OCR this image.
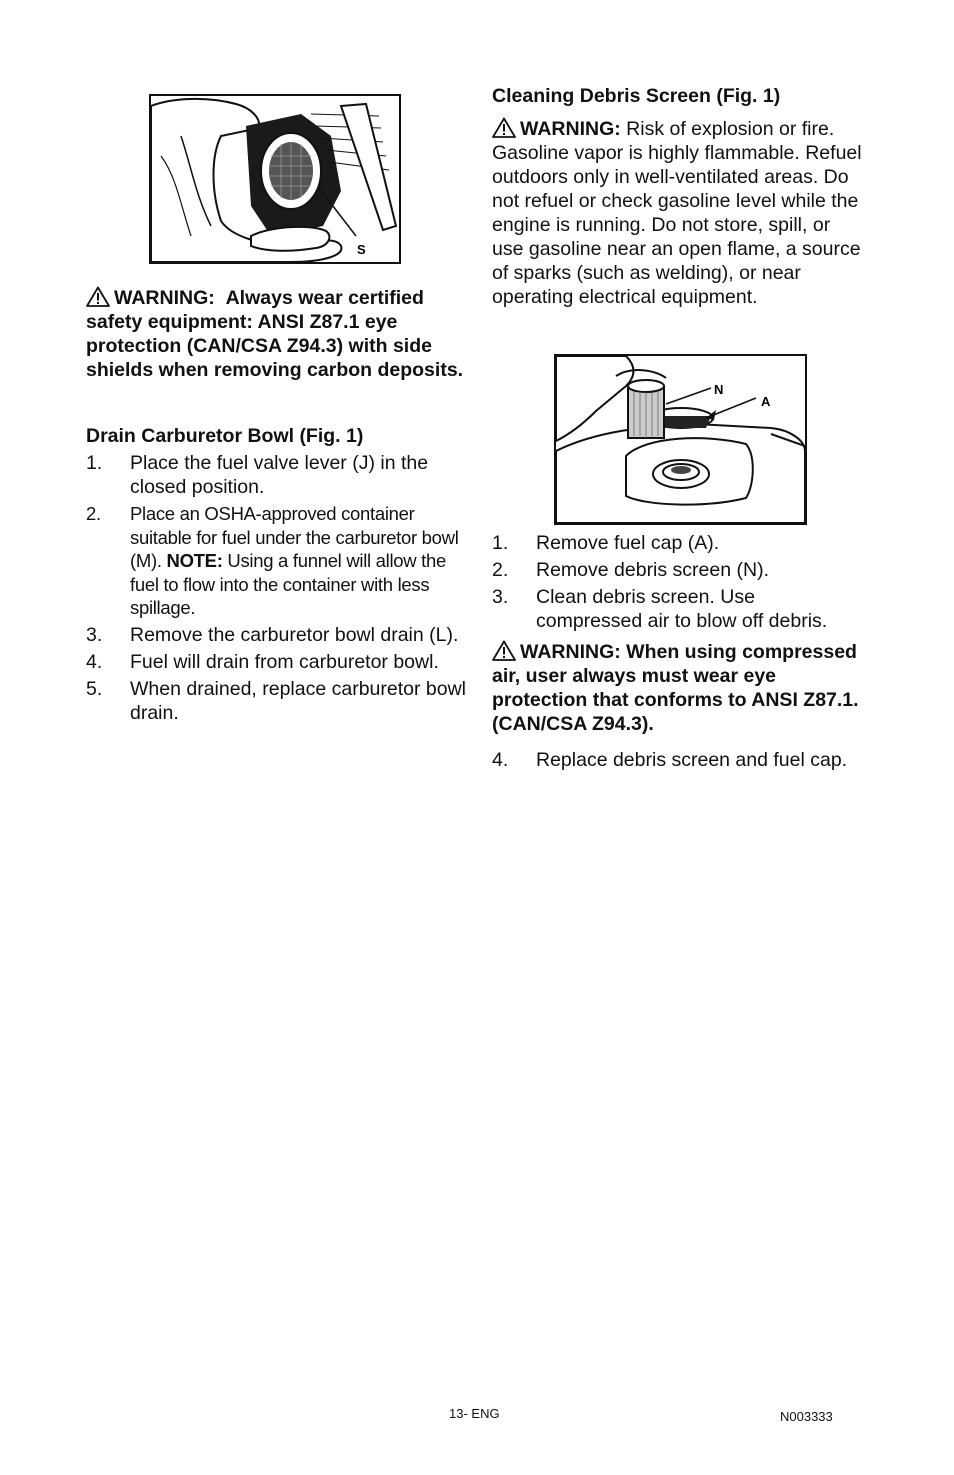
S
WARNING: Always wear certified safety equipment: ANSI Z87.1 eye protection (CAN/CSA Z94.3) with side shields when removing carbon deposits.
Drain Carburetor Bowl (Fig. 1)
1. Place the fuel valve lever (J) in the closed position.
2. Place an OSHA-approved container suitable for fuel under the carburetor bowl (M). NOTE: Using a funnel will allow the fuel to flow into the container with less spillage.
3. Remove the carburetor bowl drain (L).
4. Fuel will drain from carburetor bowl.
5. When drained, replace carburetor bowl drain.
Cleaning Debris Screen (Fig. 1)
WARNING: Risk of explosion or fire. Gasoline vapor is highly flammable. Refuel outdoors only in well-ventilated areas. Do not refuel or check gasoline level while the engine is running. Do not store, spill, or use gasoline near an open flame, a source of sparks (such as welding), or near operating electrical equipment.
N
A
1. Remove fuel cap (A).
2. Remove debris screen (N).
3. Clean debris screen. Use compressed air to blow off debris.
WARNING: When using compressed air, user always must wear eye protection that conforms to ANSI Z87.1. (CAN/CSA Z94.3).
4. Replace debris screen and fuel cap.
13- ENG	N003333
